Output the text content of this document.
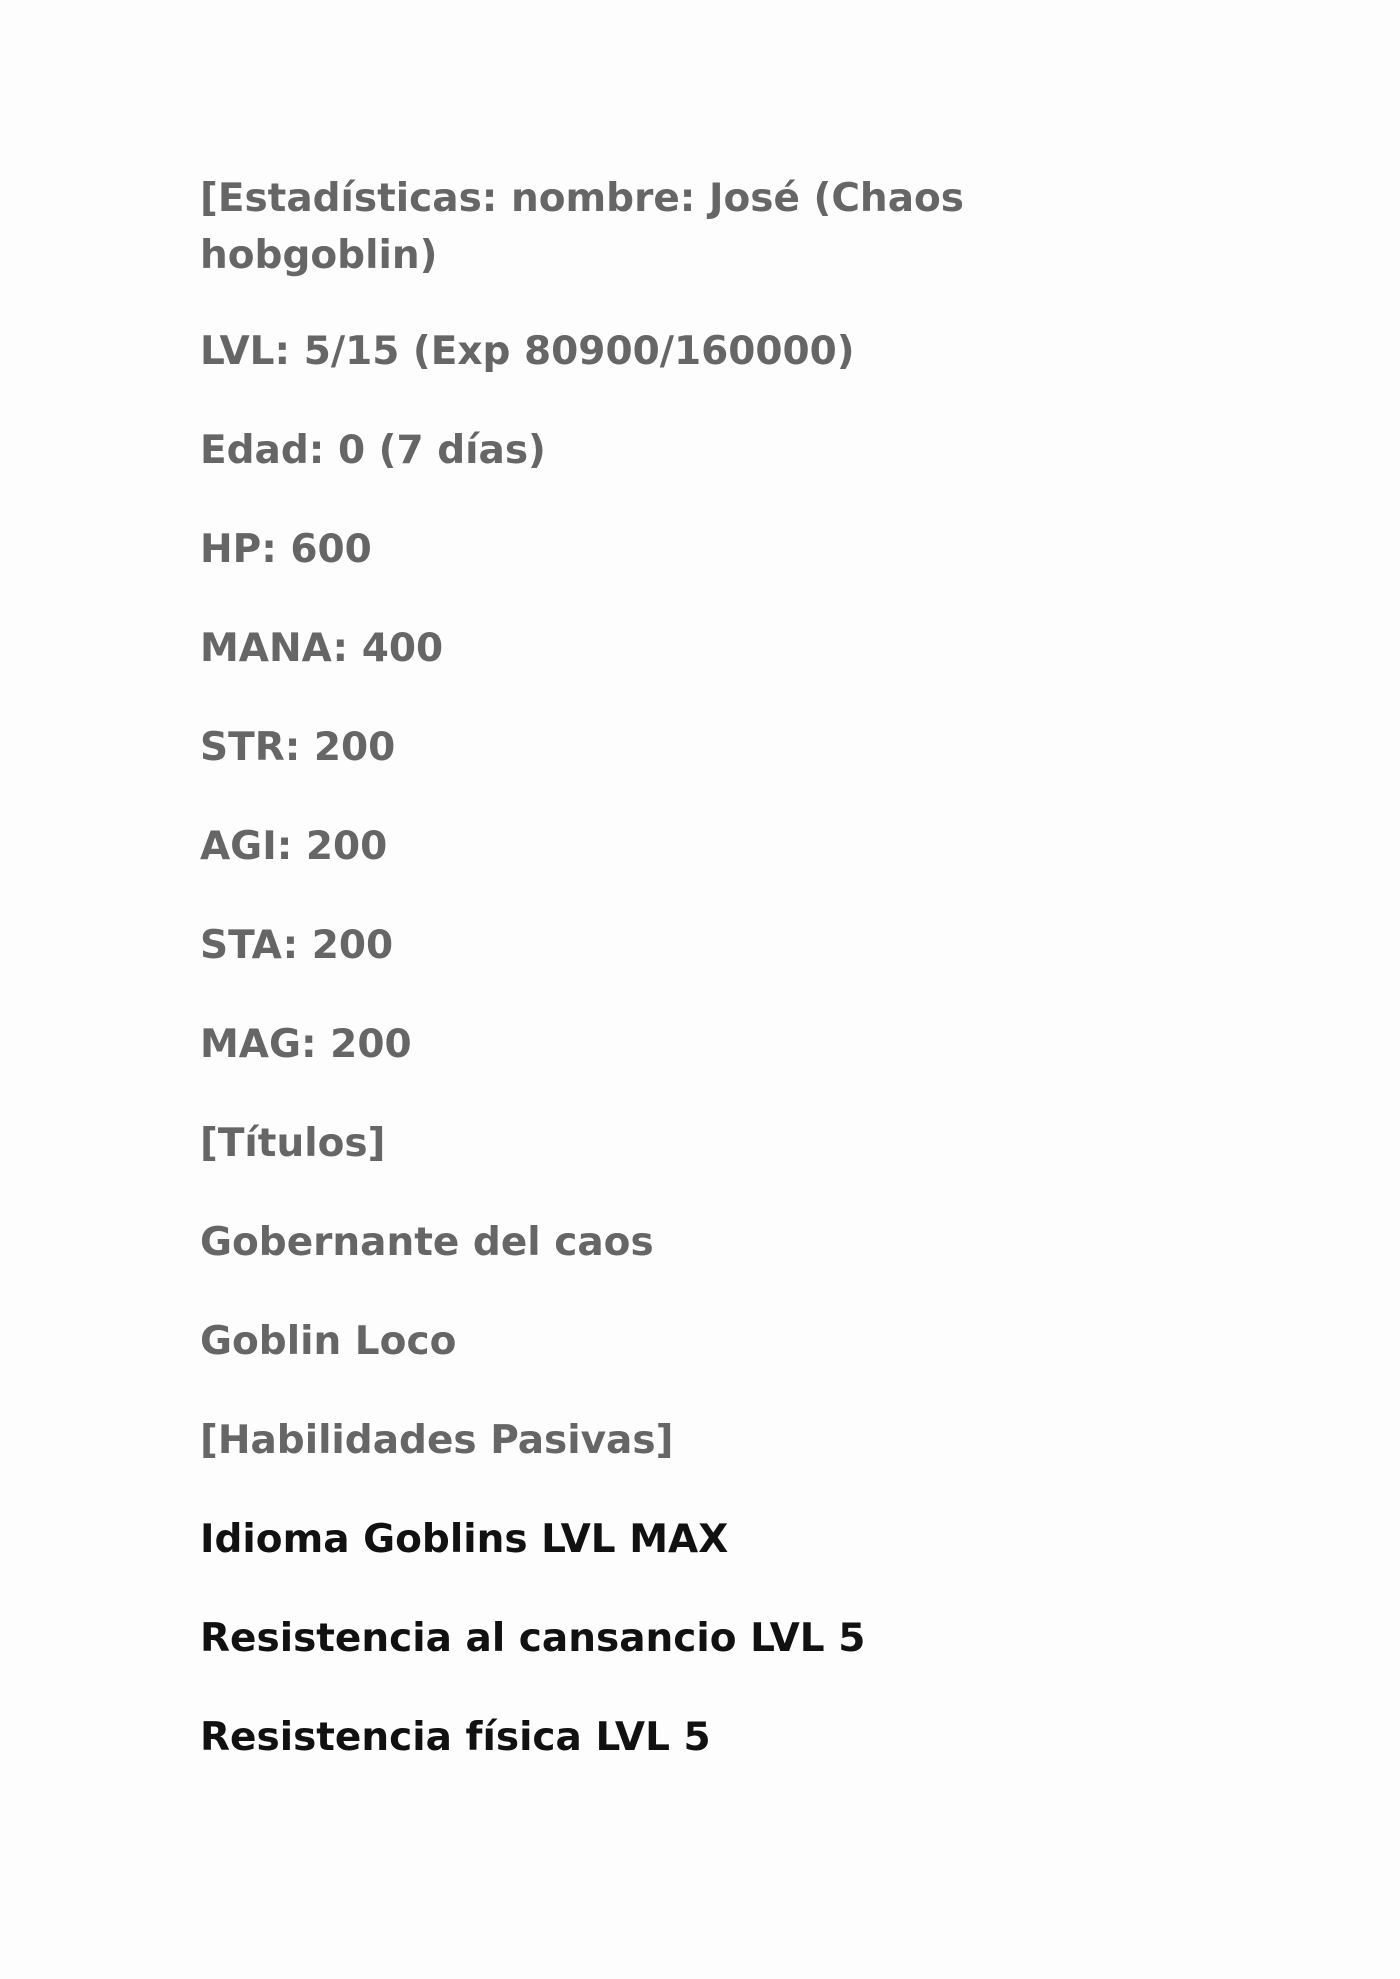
[Estadísticas: nombre: José (Chaos hobgoblin)

LVL: 5/15 (Exp 80900/160000)

Edad: 0 (7 días)

HP: 600

MANA: 400

STR: 200

AGI: 200

STA: 200

MAG: 200

[Títulos]

Gobernante del caos

Goblin Loco

[Habilidades Pasivas]

Idioma Goblins LVL MAX

Resistencia al cansancio LVL 5

Resistencia física LVL 5
